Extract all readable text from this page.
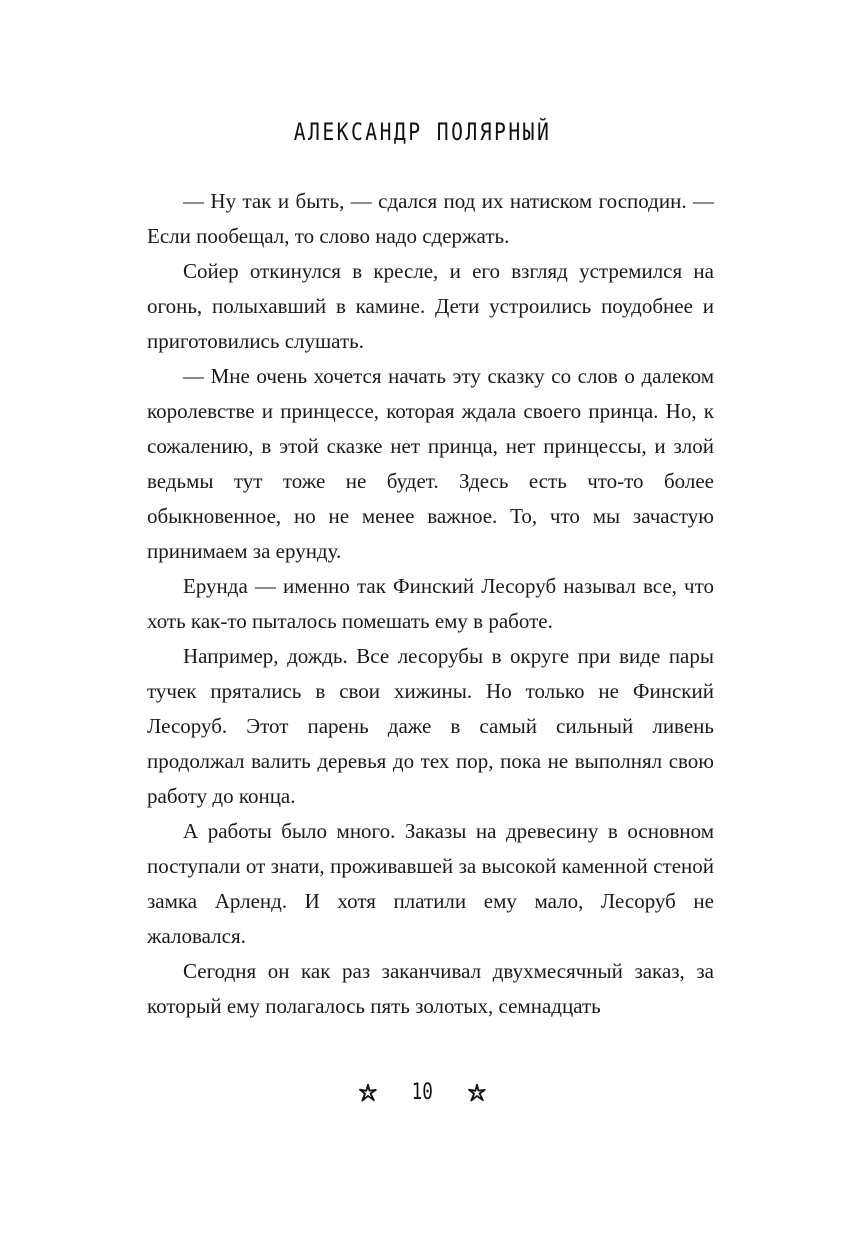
АЛЕКСАНДР ПОЛЯРНЫЙ

— Ну так и быть, — сдался под их натиском господин. — Если пообещал, то слово надо сдержать.

Сойер откинулся в кресле, и его взгляд устремился на огонь, полыхавший в камине. Дети устроились поудобнее и приготовились слушать.

— Мне очень хочется начать эту сказку со слов о далеком королевстве и принцессе, которая ждала своего принца. Но, к сожалению, в этой сказке нет принца, нет принцессы, и злой ведьмы тут тоже не будет. Здесь есть что-то более обыкновенное, но не менее важное. То, что мы зачастую принимаем за ерунду.

Ерунда — именно так Финский Лесоруб называл все, что хоть как-то пыталось помешать ему в работе.

Например, дождь. Все лесорубы в округе при виде пары тучек прятались в свои хижины. Но только не Финский Лесоруб. Этот парень даже в самый сильный ливень продолжал валить деревья до тех пор, пока не выполнял свою работу до конца.

А работы было много. Заказы на древесину в основном поступали от знати, проживавшей за высокой каменной стеной замка Арленд. И хотя платили ему мало, Лесоруб не жаловался.

Сегодня он как раз заканчивал двухмесячный заказ, за который ему полагалось пять золотых, семнадцать

10
